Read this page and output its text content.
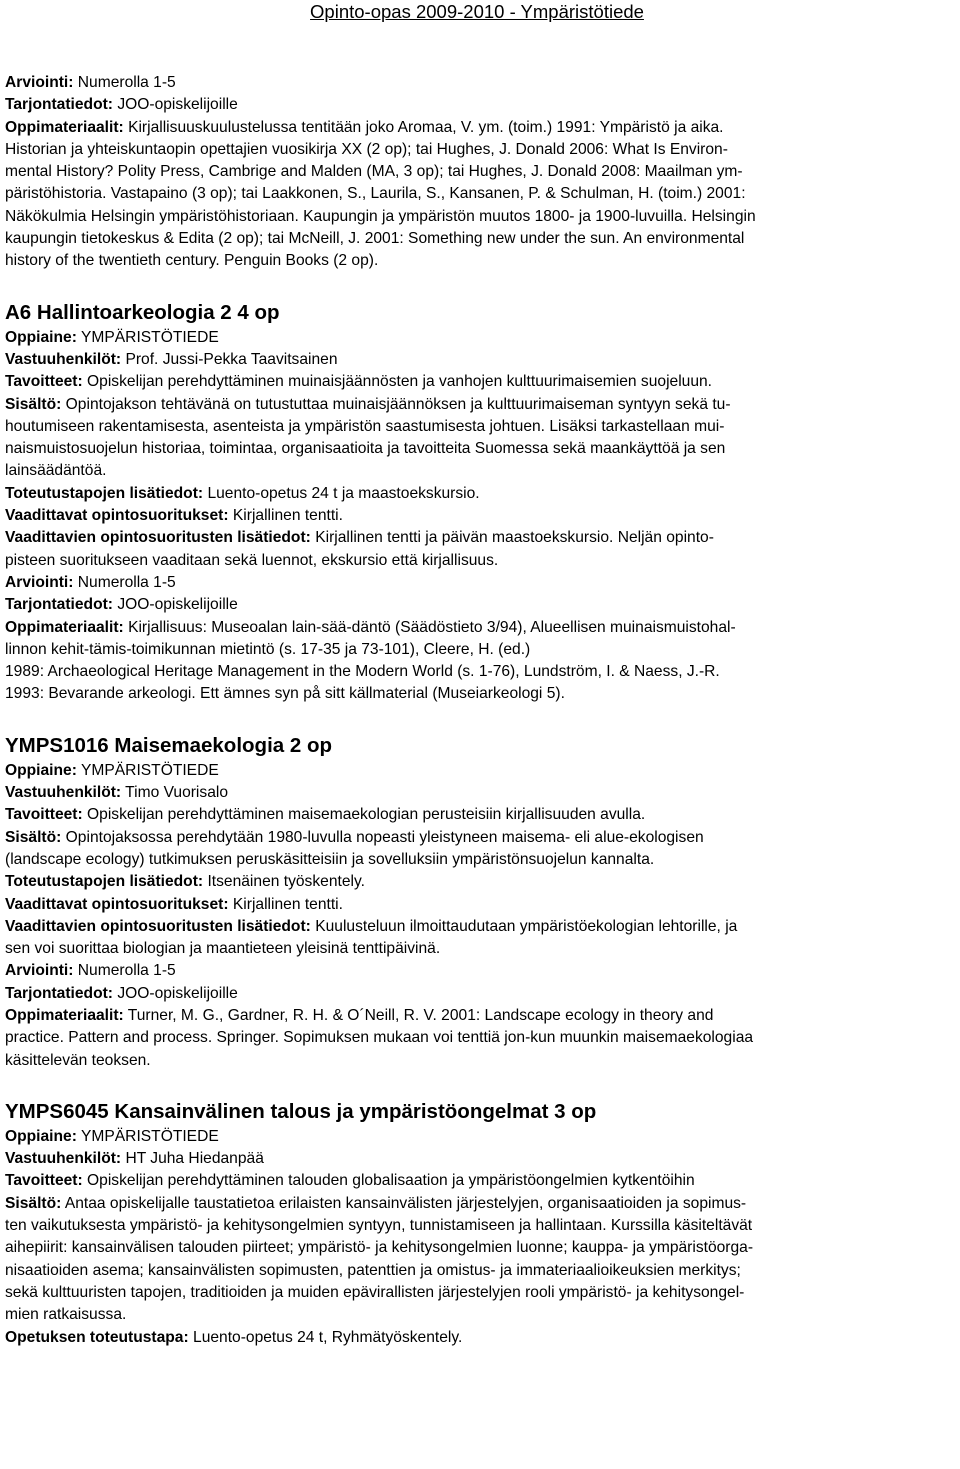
Opinto-opas 2009-2010 - Ympäristötiede

Arviointi: Numerolla 1-5

Tarjontatiedot: JOO-opiskelijoille

Oppimateriaalit: Kirjallisuuskuulustelussa tentitään joko Aromaa, V. ym. (toim.) 1991: Ympäristö ja aika.

Historian ja yhteiskuntaopin opettajien vuosikirja XX (2 op); tai Hughes, J. Donald 2006: What Is Environ-

mental History? Polity Press, Cambrige and Malden (MA, 3 op); tai Hughes, J. Donald 2008: Maailman ym-

päristöhistoria. Vastapaino (3 op); tai Laakkonen, S., Laurila, S., Kansanen, P. & Schulman, H. (toim.) 2001:

Näkökulmia Helsingin ympäristöhistoriaan. Kaupungin ja ympäristön muutos 1800- ja 1900-luvuilla. Helsingin

kaupungin tietokeskus & Edita (2 op); tai McNeill, J. 2001: Something new under the sun. An environmental

history of the twentieth century. Penguin Books (2 op).

A6 Hallintoarkeologia 2 4 op

Oppiaine: YMPÄRISTÖTIEDE

Vastuuhenkilöt: Prof. Jussi-Pekka Taavitsainen

Tavoitteet: Opiskelijan perehdyttäminen muinaisjäännösten ja vanhojen kulttuurimaisemien suojeluun.

Sisältö: Opintojakson tehtävänä on tutustuttaa muinaisjäännöksen ja kulttuurimaiseman syntyyn sekä tu-

houtumiseen rakentamisesta, asenteista ja ympäristön saastumisesta johtuen. Lisäksi tarkastellaan mui-

naismuistosuojelun historiaa, toimintaa, organisaatioita ja tavoitteita Suomessa sekä maankäyttöä ja sen

lainsäädäntöä.

Toteutustapojen lisätiedot: Luento-opetus 24 t ja maastoekskursio.

Vaadittavat opintosuoritukset: Kirjallinen tentti.

Vaadittavien opintosuoritusten lisätiedot: Kirjallinen tentti ja päivän maastoekskursio. Neljän opinto-

pisteen suoritukseen vaaditaan sekä luennot, ekskursio että kirjallisuus.

Arviointi: Numerolla 1-5

Tarjontatiedot: JOO-opiskelijoille

Oppimateriaalit: Kirjallisuus: Museoalan lain-sää-däntö (Säädöstieto 3/94), Alueellisen muinaismuistohal-

linnon kehit-tämis-toimikunnan mietintö (s. 17-35 ja 73-101), Cleere, H. (ed.)

1989: Archaeological Heritage Management in the Modern World (s. 1-76), Lundström, I. & Naess, J.-R.

1993: Bevarande arkeologi. Ett ämnes syn på sitt källmaterial (Museiarkeologi 5).

YMPS1016 Maisemaekologia 2 op

Oppiaine: YMPÄRISTÖTIEDE

Vastuuhenkilöt: Timo Vuorisalo

Tavoitteet: Opiskelijan perehdyttäminen maisemaekologian perusteisiin kirjallisuuden avulla.

Sisältö: Opintojaksossa perehdytään 1980-luvulla nopeasti yleistyneen maisema- eli alue-ekologisen

(landscape ecology) tutkimuksen peruskäsitteisiin ja sovelluksiin ympäristönsuojelun kannalta.

Toteutustapojen lisätiedot: Itsenäinen työskentely.

Vaadittavat opintosuoritukset: Kirjallinen tentti.

Vaadittavien opintosuoritusten lisätiedot: Kuulusteluun ilmoittaudutaan ympäristöekologian lehtorille, ja

sen voi suorittaa biologian ja maantieteen yleisinä tenttipäivinä.

Arviointi: Numerolla 1-5

Tarjontatiedot: JOO-opiskelijoille

Oppimateriaalit: Turner, M. G., Gardner, R. H. & O´Neill, R. V. 2001: Landscape ecology in theory and

practice. Pattern and process. Springer. Sopimuksen mukaan voi tenttiä jon-kun muunkin maisemaekologiaa

käsittelevän teoksen.

YMPS6045 Kansainvälinen talous ja ympäristöongelmat 3 op

Oppiaine: YMPÄRISTÖTIEDE

Vastuuhenkilöt: HT Juha Hiedanpää

Tavoitteet: Opiskelijan perehdyttäminen talouden globalisaation ja ympäristöongelmien kytkentöihin

Sisältö: Antaa opiskelijalle taustatietoa erilaisten kansainvälisten järjestelyjen, organisaatioiden ja sopimus-

ten vaikutuksesta ympäristö- ja kehitysongelmien syntyyn, tunnistamiseen ja hallintaan. Kurssilla käsiteltävät

aihepiirit: kansainvälisen talouden piirteet; ympäristö- ja kehitysongelmien luonne; kauppa- ja ympäristöorga-

nisaatioiden asema; kansainvälisten sopimusten, patenttien ja omistus- ja immateriaalioikeuksien merkitys;

sekä kulttuuristen tapojen, traditioiden ja muiden epävirallisten järjestelyjen rooli ympäristö- ja kehitysongel-

mien ratkaisussa.

Opetuksen toteutustapa: Luento-opetus 24 t, Ryhmätyöskentely.
